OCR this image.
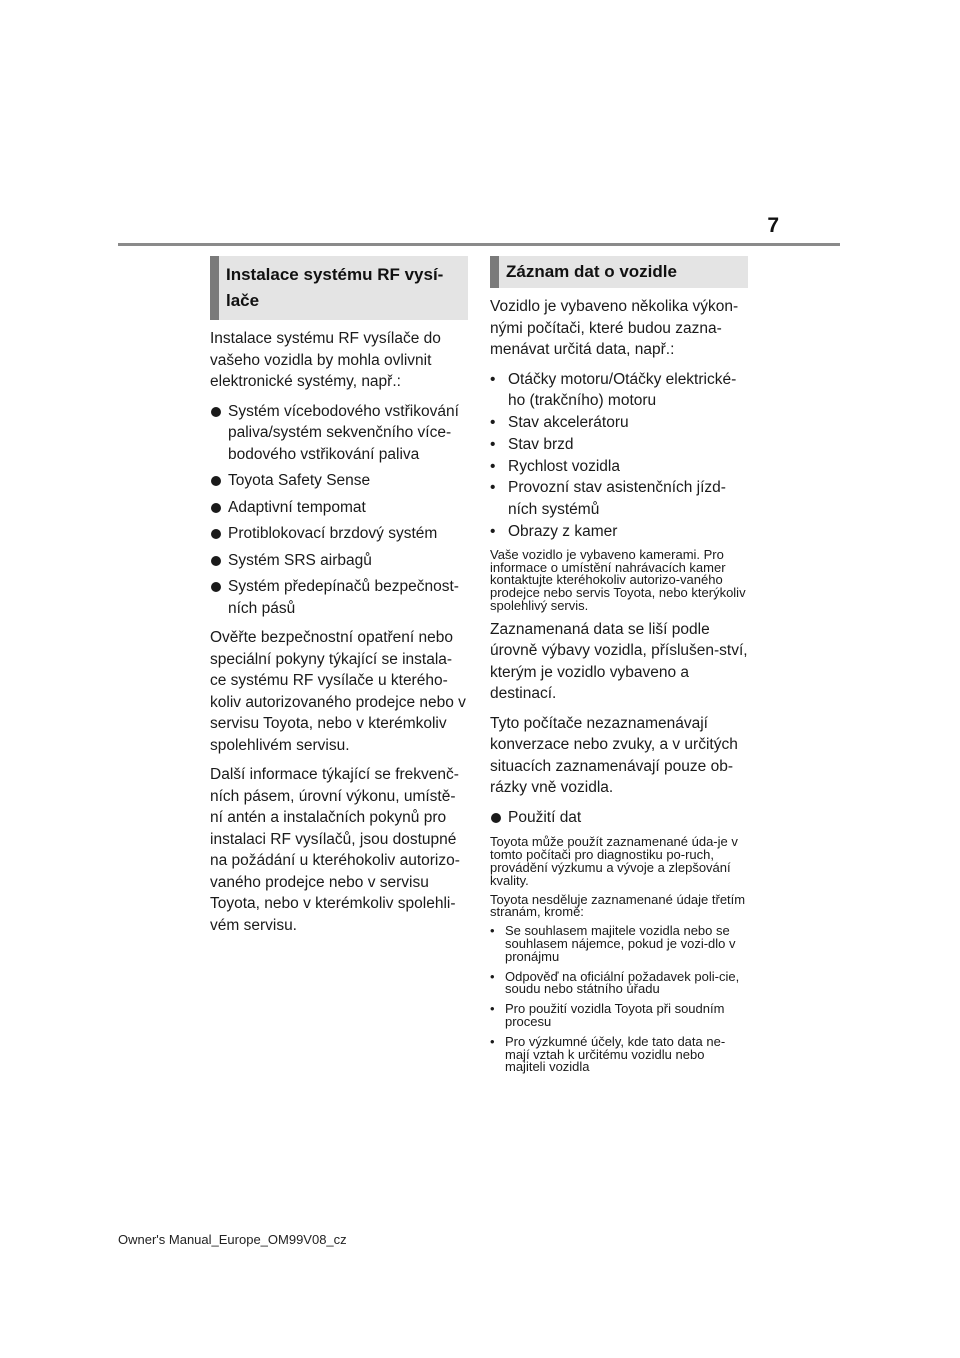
7
Instalace systému RF vysí-
lače

Instalace systému RF vysílače do vašeho vozidla by mohla ovlivnit elektronické systémy, např.:

Systém vícebodového vstřikování paliva/systém sekvenčního více-bodového vstřikování paliva
Toyota Safety Sense
Adaptivní tempomat
Protiblokovací brzdový systém
Systém SRS airbagů
Systém předepínačů bezpečnost-ních pásů

Ověřte bezpečnostní opatření nebo speciální pokyny týkající se instala-ce systému RF vysílače u kterého-koliv autorizovaného prodejce nebo v servisu Toyota, nebo v kterémkoliv spolehlivém servisu.

Další informace týkající se frekvenč-ních pásem, úrovní výkonu, umístě-ní antén a instalačních pokynů pro instalaci RF vysílačů, jsou dostupné na požádání u kteréhokoliv autorizo-vaného prodejce nebo v servisu Toyota, nebo v kterémkoliv spolehli-vém servisu.

Záznam dat o vozidle

Vozidlo je vybaveno několika výkon-nými počítači, které budou zazna-menávat určitá data, např.:

• Otáčky motoru/Otáčky elektrické-ho (trakčního) motoru
• Stav akcelerátoru
• Stav brzd
• Rychlost vozidla
• Provozní stav asistenčních jízd-ních systémů
• Obrazy z kamer

Vaše vozidlo je vybaveno kamerami. Pro informace o umístění nahrávacích kamer kontaktujte kteréhokoliv autorizo-vaného prodejce nebo servis Toyota, nebo kterýkoliv spolehlivý servis.

Zaznamenaná data se liší podle úrovně výbavy vozidla, příslušen-ství, kterým je vozidlo vybaveno a destinací.

Tyto počítače nezaznamenávají konverzace nebo zvuky, a v určitých situacích zaznamenávají pouze ob-rázky vně vozidla.

Použití dat

Toyota může použít zaznamenané úda-je v tomto počítači pro diagnostiku po-ruch, provádění výzkumu a vývoje a zlepšování kvality.

Toyota nesděluje zaznamenané údaje třetím stranám, kromě:

• Se souhlasem majitele vozidla nebo se souhlasem nájemce, pokud je vozi-dlo v pronájmu
• Odpověď na oficiální požadavek poli-cie, soudu nebo státního úřadu
• Pro použití vozidla Toyota při soudním procesu
• Pro výzkumné účely, kde tato data ne-mají vztah k určitému vozidlu nebo majiteli vozidla
Owner's Manual_Europe_OM99V08_cz
